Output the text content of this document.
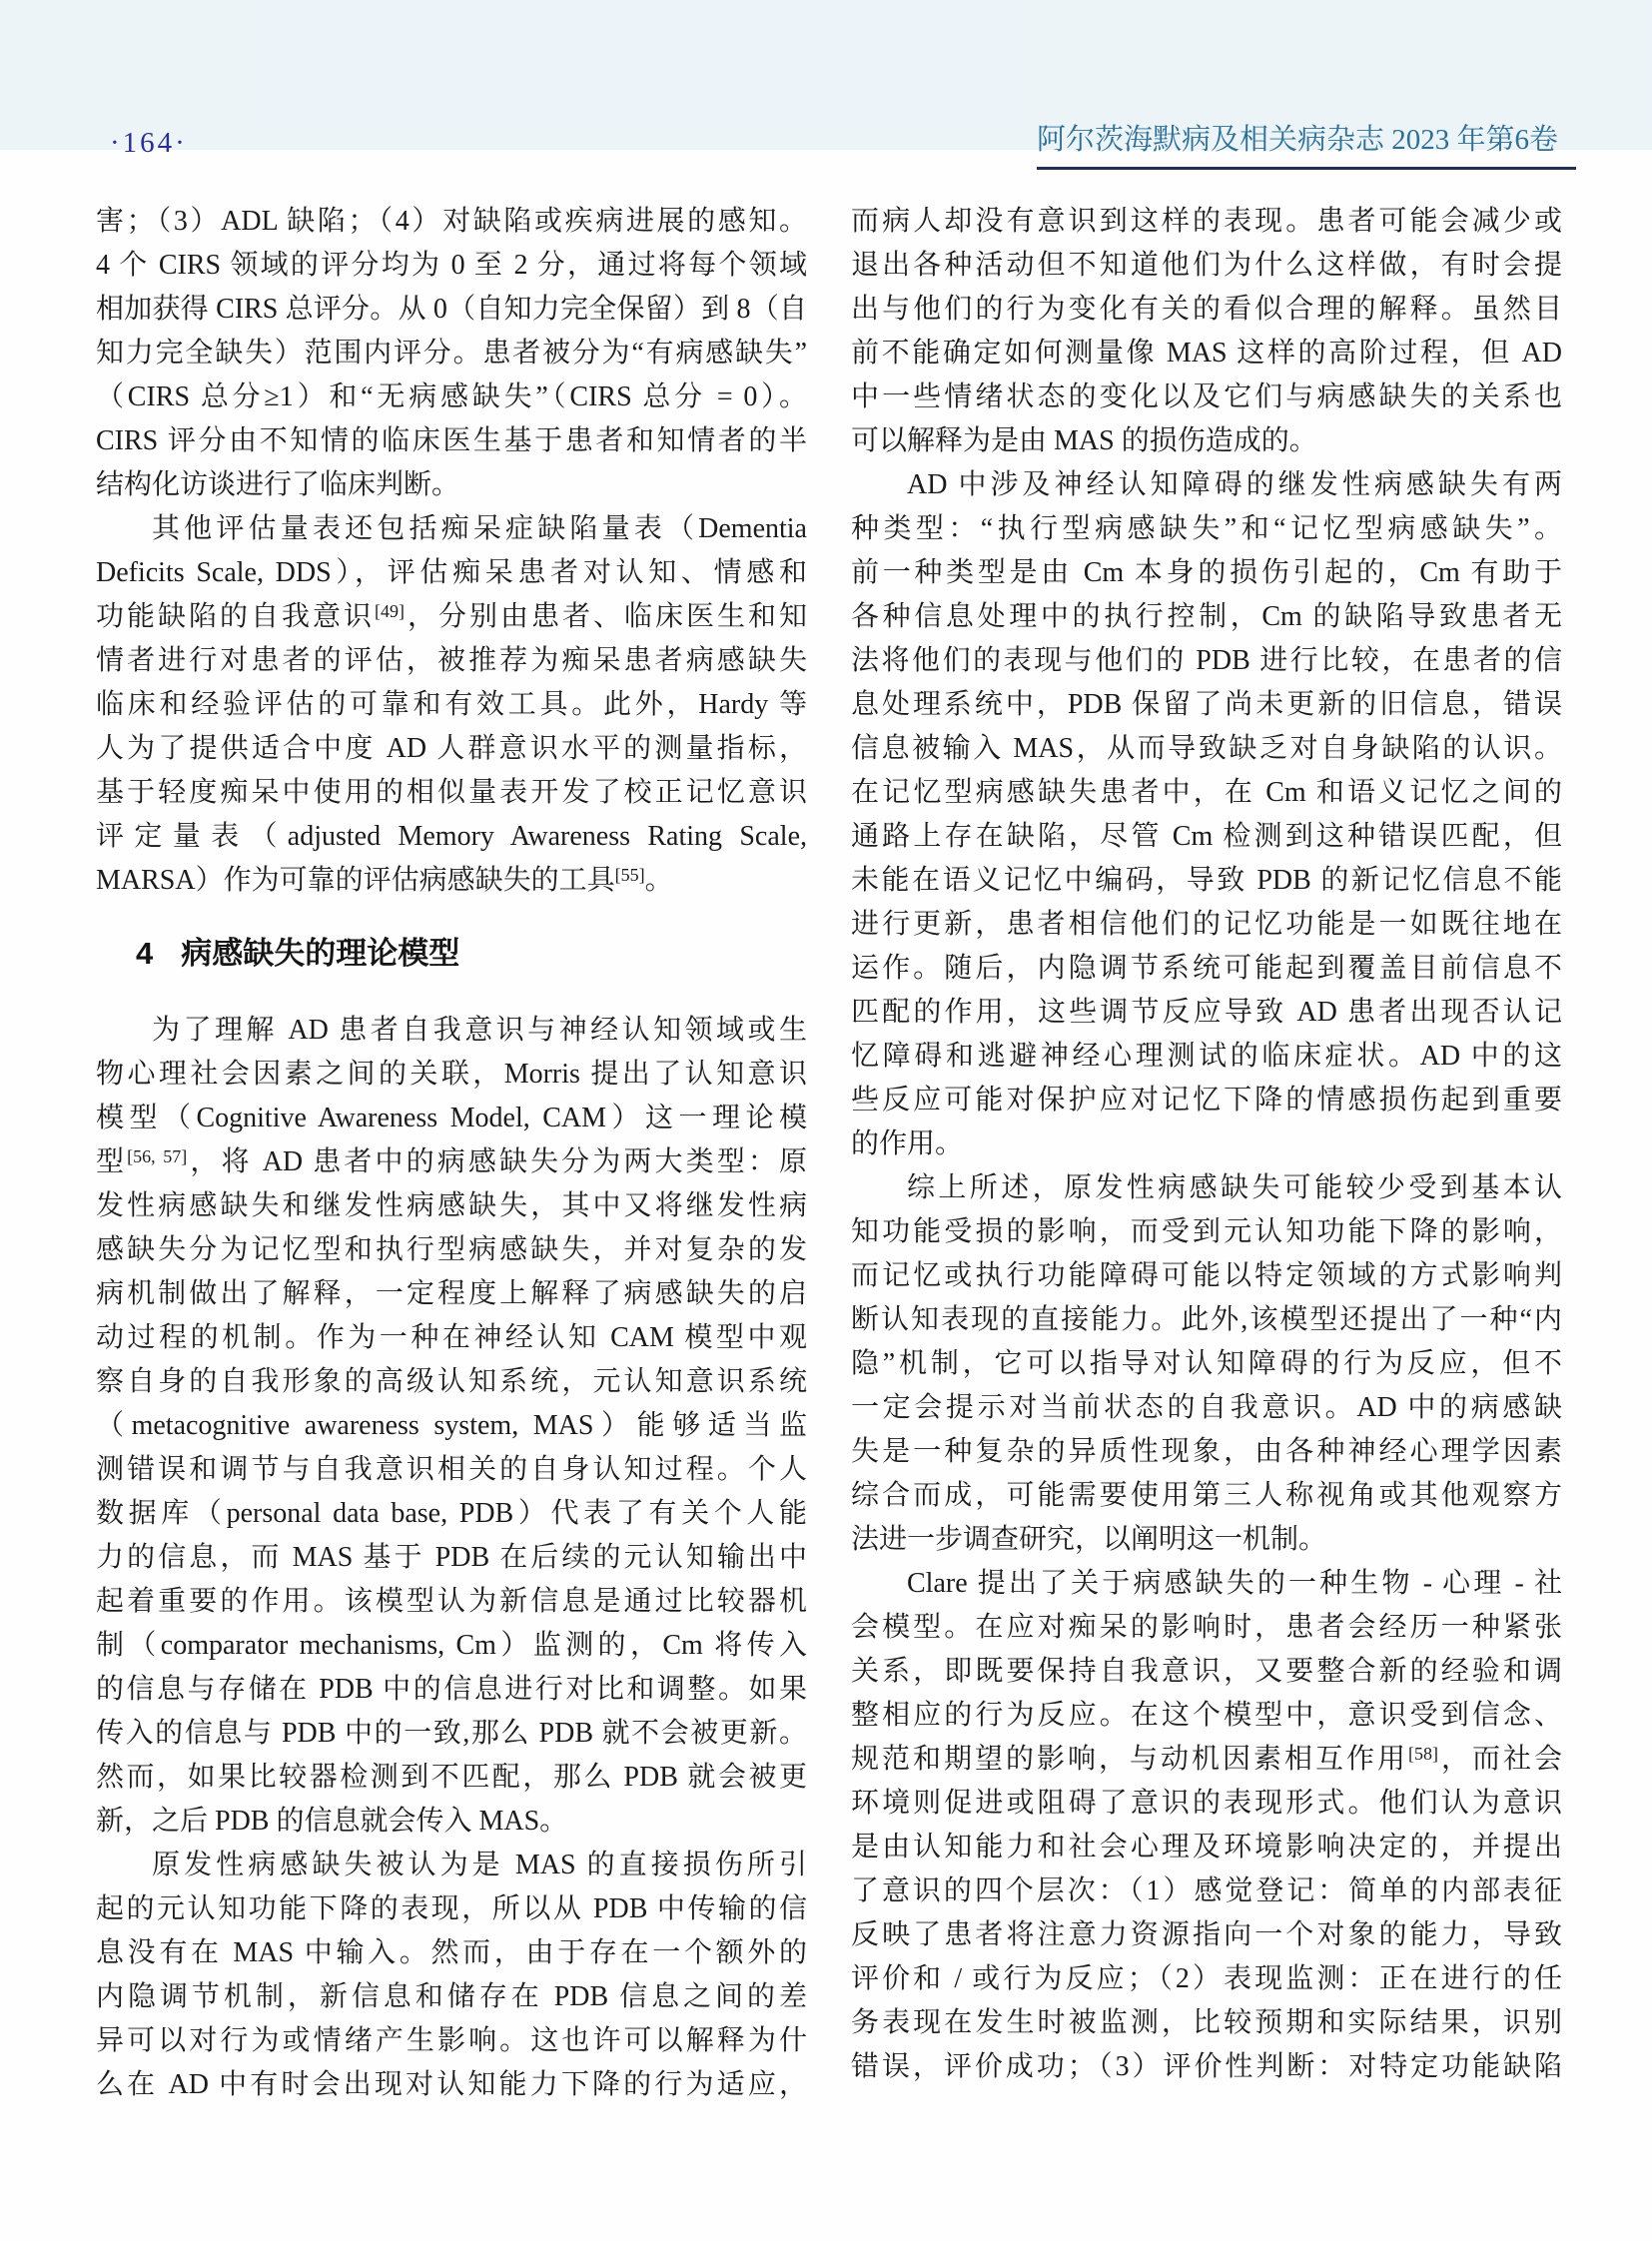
·164·	阿尔茨海默病及相关病杂志 2023 年第6卷
害；（3）ADL 缺陷；（4）对缺陷或疾病进展的感知。
4 个 CIRS 领域的评分均为 0 至 2 分，通过将每个领域
相加获得 CIRS 总评分。从 0（自知力完全保留）到 8（自
知力完全缺失）范围内评分。患者被分为“有病感缺失”
（CIRS 总分≥1）和“无病感缺失”（CIRS 总分 = 0）。
CIRS 评分由不知情的临床医生基于患者和知情者的半
结构化访谈进行了临床判断。
其他评估量表还包括痴呆症缺陷量表（Dementia
Deficits Scale, DDS），评估痴呆患者对认知、情感和
功能缺陷的自我意识[49]，分别由患者、临床医生和知
情者进行对患者的评估，被推荐为痴呆患者病感缺失
临床和经验评估的可靠和有效工具。此外，Hardy 等
人为了提供适合中度 AD 人群意识水平的测量指标，
基于轻度痴呆中使用的相似量表开发了校正记忆意识
评定量表（adjusted Memory Awareness Rating Scale,
MARSA）作为可靠的评估病感缺失的工具[55]。
4 病感缺失的理论模型
为了理解 AD 患者自我意识与神经认知领域或生
物心理社会因素之间的关联，Morris 提出了认知意识
模型（Cognitive Awareness Model, CAM）这一理论模
型[56, 57]，将 AD 患者中的病感缺失分为两大类型：原
发性病感缺失和继发性病感缺失，其中又将继发性病
感缺失分为记忆型和执行型病感缺失，并对复杂的发
病机制做出了解释，一定程度上解释了病感缺失的启
动过程的机制。作为一种在神经认知 CAM 模型中观
察自身的自我形象的高级认知系统，元认知意识系统
（metacognitive awareness system, MAS）能够适当监
测错误和调节与自我意识相关的自身认知过程。个人
数据库（personal data base, PDB）代表了有关个人能
力的信息，而 MAS 基于 PDB 在后续的元认知输出中
起着重要的作用。该模型认为新信息是通过比较器机
制（comparator mechanisms, Cm）监测的，Cm 将传入
的信息与存储在 PDB 中的信息进行对比和调整。如果
传入的信息与 PDB 中的一致,那么 PDB 就不会被更新。
然而，如果比较器检测到不匹配，那么 PDB 就会被更
新，之后 PDB 的信息就会传入 MAS。
原发性病感缺失被认为是 MAS 的直接损伤所引
起的元认知功能下降的表现，所以从 PDB 中传输的信
息没有在 MAS 中输入。然而，由于存在一个额外的
内隐调节机制，新信息和储存在 PDB 信息之间的差
异可以对行为或情绪产生影响。这也许可以解释为什
么在 AD 中有时会出现对认知能力下降的行为适应，
而病人却没有意识到这样的表现。患者可能会减少或
退出各种活动但不知道他们为什么这样做，有时会提
出与他们的行为变化有关的看似合理的解释。虽然目
前不能确定如何测量像 MAS 这样的高阶过程，但 AD
中一些情绪状态的变化以及它们与病感缺失的关系也
可以解释为是由 MAS 的损伤造成的。
AD 中涉及神经认知障碍的继发性病感缺失有两
种类型：“执行型病感缺失”和“记忆型病感缺失”。
前一种类型是由 Cm 本身的损伤引起的，Cm 有助于
各种信息处理中的执行控制，Cm 的缺陷导致患者无
法将他们的表现与他们的 PDB 进行比较，在患者的信
息处理系统中，PDB 保留了尚未更新的旧信息，错误
信息被输入 MAS，从而导致缺乏对自身缺陷的认识。
在记忆型病感缺失患者中，在 Cm 和语义记忆之间的
通路上存在缺陷，尽管 Cm 检测到这种错误匹配，但
未能在语义记忆中编码，导致 PDB 的新记忆信息不能
进行更新，患者相信他们的记忆功能是一如既往地在
运作。随后，内隐调节系统可能起到覆盖目前信息不
匹配的作用，这些调节反应导致 AD 患者出现否认记
忆障碍和逃避神经心理测试的临床症状。AD 中的这
些反应可能对保护应对记忆下降的情感损伤起到重要
的作用。
综上所述，原发性病感缺失可能较少受到基本认
知功能受损的影响，而受到元认知功能下降的影响，
而记忆或执行功能障碍可能以特定领域的方式影响判
断认知表现的直接能力。此外,该模型还提出了一种“内
隐”机制，它可以指导对认知障碍的行为反应，但不
一定会提示对当前状态的自我意识。AD 中的病感缺
失是一种复杂的异质性现象，由各种神经心理学因素
综合而成，可能需要使用第三人称视角或其他观察方
法进一步调查研究，以阐明这一机制。
Clare 提出了关于病感缺失的一种生物 - 心理 - 社
会模型。在应对痴呆的影响时，患者会经历一种紧张
关系，即既要保持自我意识，又要整合新的经验和调
整相应的行为反应。在这个模型中，意识受到信念、
规范和期望的影响，与动机因素相互作用[58]，而社会
环境则促进或阻碍了意识的表现形式。他们认为意识
是由认知能力和社会心理及环境影响决定的，并提出
了意识的四个层次：（1）感觉登记：简单的内部表征
反映了患者将注意力资源指向一个对象的能力，导致
评价和 / 或行为反应；（2）表现监测：正在进行的任
务表现在发生时被监测，比较预期和实际结果，识别
错误，评价成功；（3）评价性判断：对特定功能缺陷
